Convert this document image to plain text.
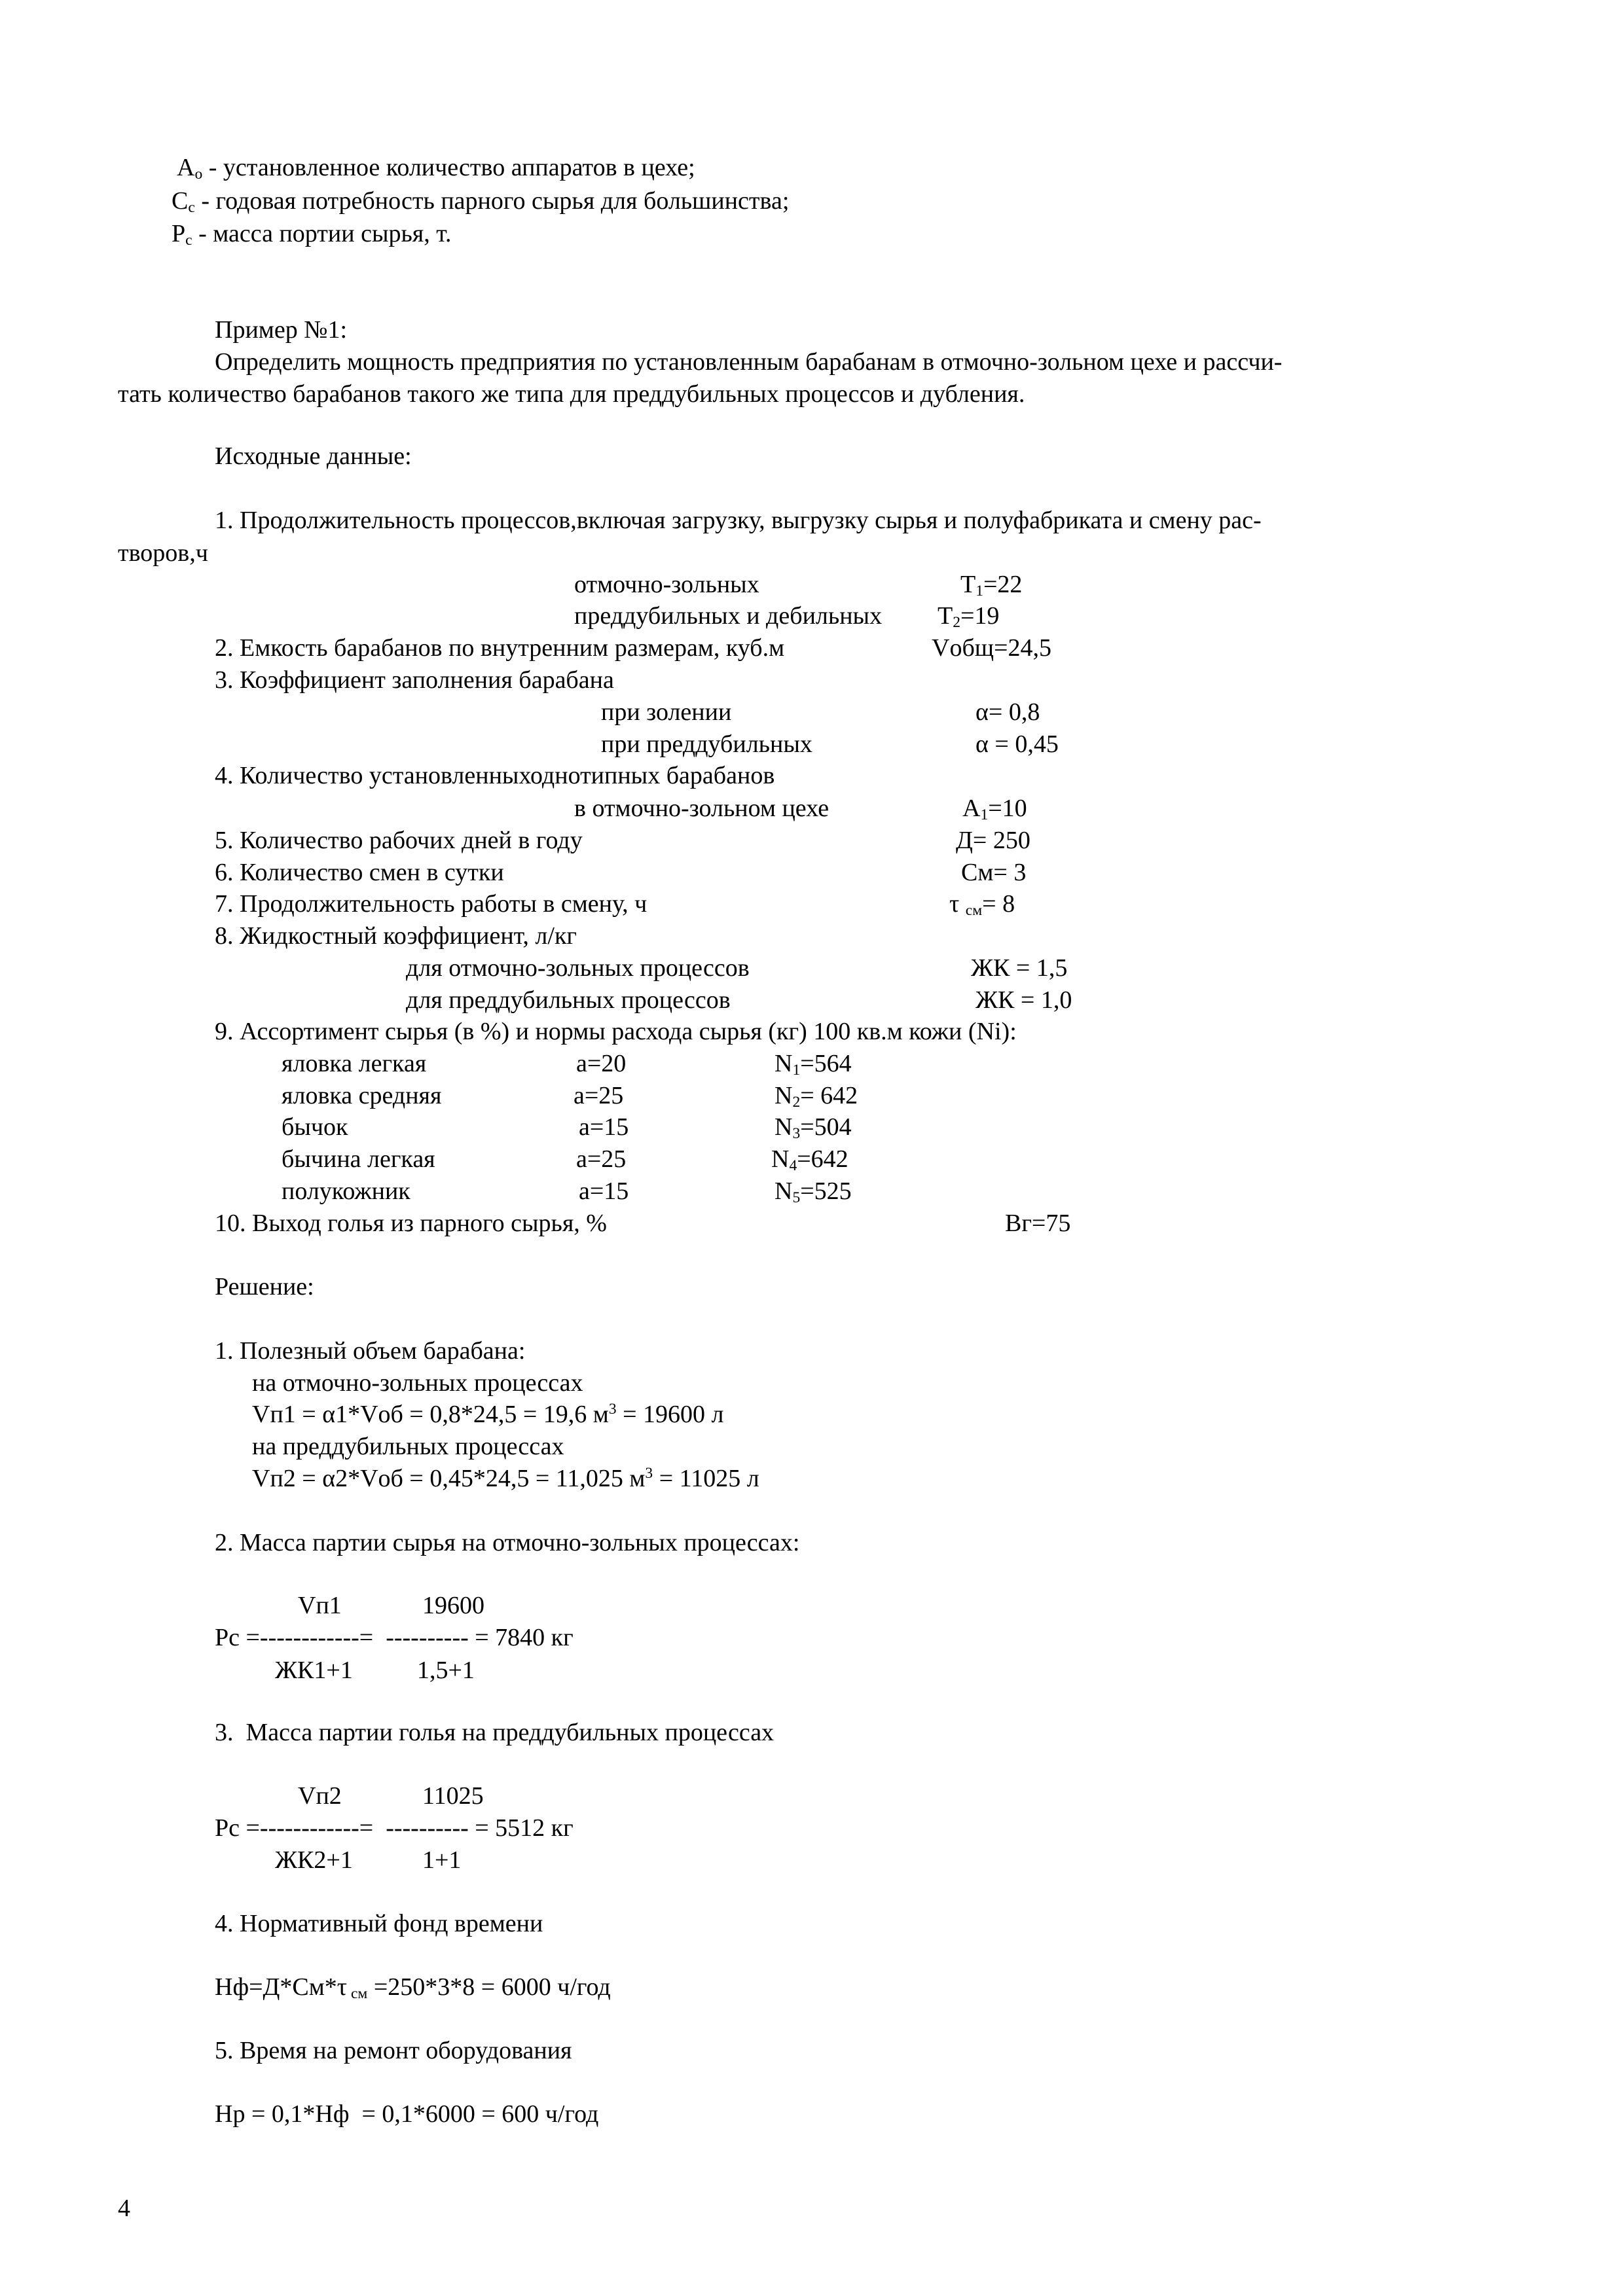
$A_o$ - установленное количество аппаратов в цехе;
$C_c$ - годовая потребность парного сырья для большинства;
$P_c$ - масса портии сырья, т.
Пример №1:
Определить мощность предприятия по установленным барабанам в отмочно-зольном цехе и рассчи-
тать количество барабанов такого же типа для преддубильных процессов и дубления.
Исходные данные:
1. Продолжительность процессов,включая загрузку, выгрузку сырья и полуфабриката и смену рас-
творов,ч
отмочно-зольных	$T_1=22$
преддубильных и дебильных $T_2=19$
2. Емкость барабанов по внутренним размерам, куб.м	Vобщ=24,5
3. Коэффициент заполнения барабана
при золении	α= 0,8
при преддубильных	α = 0,45
4. Количество установленныходнотипных барабанов
в отмочно-зольном цехе	$A_1=10$
5. Количество рабочих дней в году	Д= 250
6. Количество смен в сутки	См= 3
7. Продолжительность работы в смену, ч	τ $_{см}$= 8
8. Жидкостный коэффициент, л/кг
для отмочно-зольных процессов	ЖК = 1,5
для преддубильных процессов	ЖК = 1,0
9. Ассортимент сырья (в %) и нормы расхода сырья (кг) 100 кв.м кожи (Ni):
яловка легкая	a=20	$N_1=564$
яловка средняя	a=25	$N_2= 642$
бычок	a=15	$N_3=504$
бычина легкая	a=25	$N_4=642$
полукожник	a=15	$N_5=525$
10. Выход голья из парного сырья, %	Вг=75
Решение:
1. Полезный объем барабана:
на отмочно-зольных процессах
Vп1 = α1*Vоб = 0,8*24,5 = 19,6 $м^3 = 19600$ л
на преддубильных процессах
Vп2 = α2*Vоб = 0,45*24,5 = 11,025 $м^3 = 11025$ л
2. Масса партии сырья на отмочно-зольных процессах:
Vп1	19600
Pc =------------=  ---------- = 7840 кг
ЖК1+1	1,5+1
3.  Масса партии голья на преддубильных процессах
Vп2	11025
Pc =------------=  ---------- = 5512 кг
ЖК2+1	1+1
4. Нормативный фонд времени
Нф=Д*См*τ $_{см}$ =250*3*8 = 6000 ч/год
5. Время на ремонт оборудования
Нр = 0,1*Нф  = 0,1*6000 = 600 ч/год
4
